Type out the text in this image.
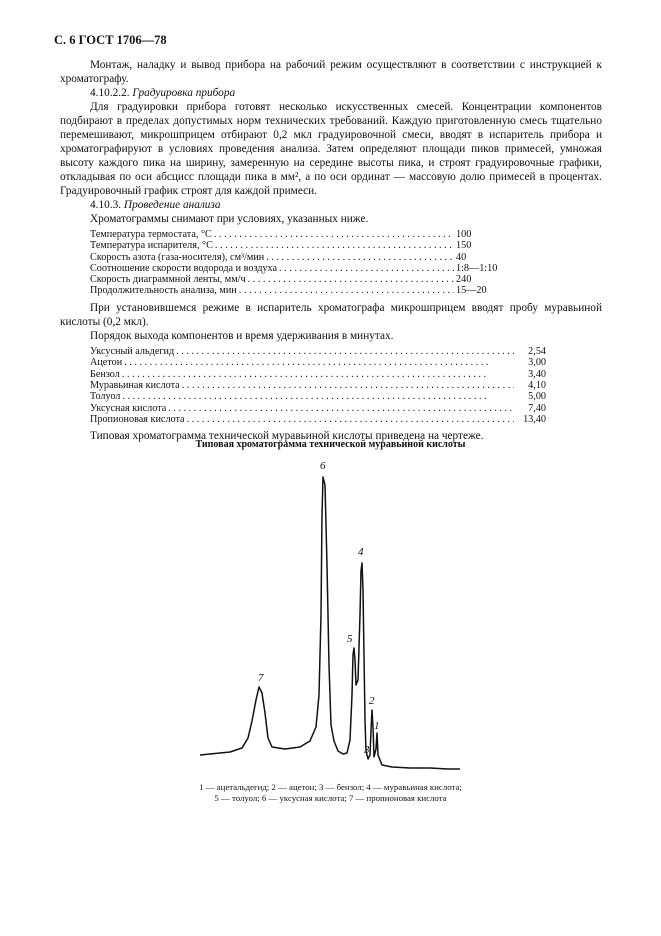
С. 6 ГОСТ 1706—78

Монтаж, наладку и вывод прибора на рабочий режим осуществляют в соответствии с инструкцией к хроматографу.

4.10.2.2. Градуировка прибора

Для градуировки прибора готовят несколько искусственных смесей. Концентрации компонентов подбирают в пределах допустимых норм технических требований. Каждую приготовленную смесь тщательно перемешивают, микрошприцем отбирают 0,2 мкл градуировочной смеси, вводят в испаритель прибора и хроматографируют в условиях проведения анализа. Затем определяют площади пиков примесей, умножая высоту каждого пика на ширину, замеренную на середине высоты пика, и строят градуировочные графики, откладывая по оси абсцисс площади пика в мм², а по оси ординат — массовую долю примесей в процентах. Градуировочный график строят для каждой примеси.

4.10.3. Проведение анализа

Хроматограммы снимают при условиях, указанных ниже.

Температура термостата, °С . . .	100
Температура испарителя, °С . . .	150
Скорость азота (газа-носителя), см³/мин . . .	40
Соотношение скорости водорода и воздуха . . .	1:8—1:10
Скорость диаграммной ленты, мм/ч . . .	240
Продолжительность анализа, мин . . .	15—20

При установившемся режиме в испаритель хроматографа микрошприцем вводят пробу муравьиной кислоты (0,2 мкл).

Порядок выхода компонентов и время удерживания в минутах.

Уксусный альдегид . . .	2,54
Ацетон . . .	3,00
Бензол . . .	3,40
Муравьиная кислота . . .	4,10
Толуол . . .	5,00
Уксусная кислота . . .	7,40
Пропионовая кислота . . .	13,40

Типовая хроматограмма технической муравьиной кислоты приведена на чертеже.

Типовая хроматограмма технической муравьиной кислоты
1
2
3
4
5
6
7
1 — ацетальдегид; 2 — ацетон; 3 — бензол; 4 — муравьиная кислота;
5 — толуол; 6 — уксусная кислота; 7 — пропионовая кислота
